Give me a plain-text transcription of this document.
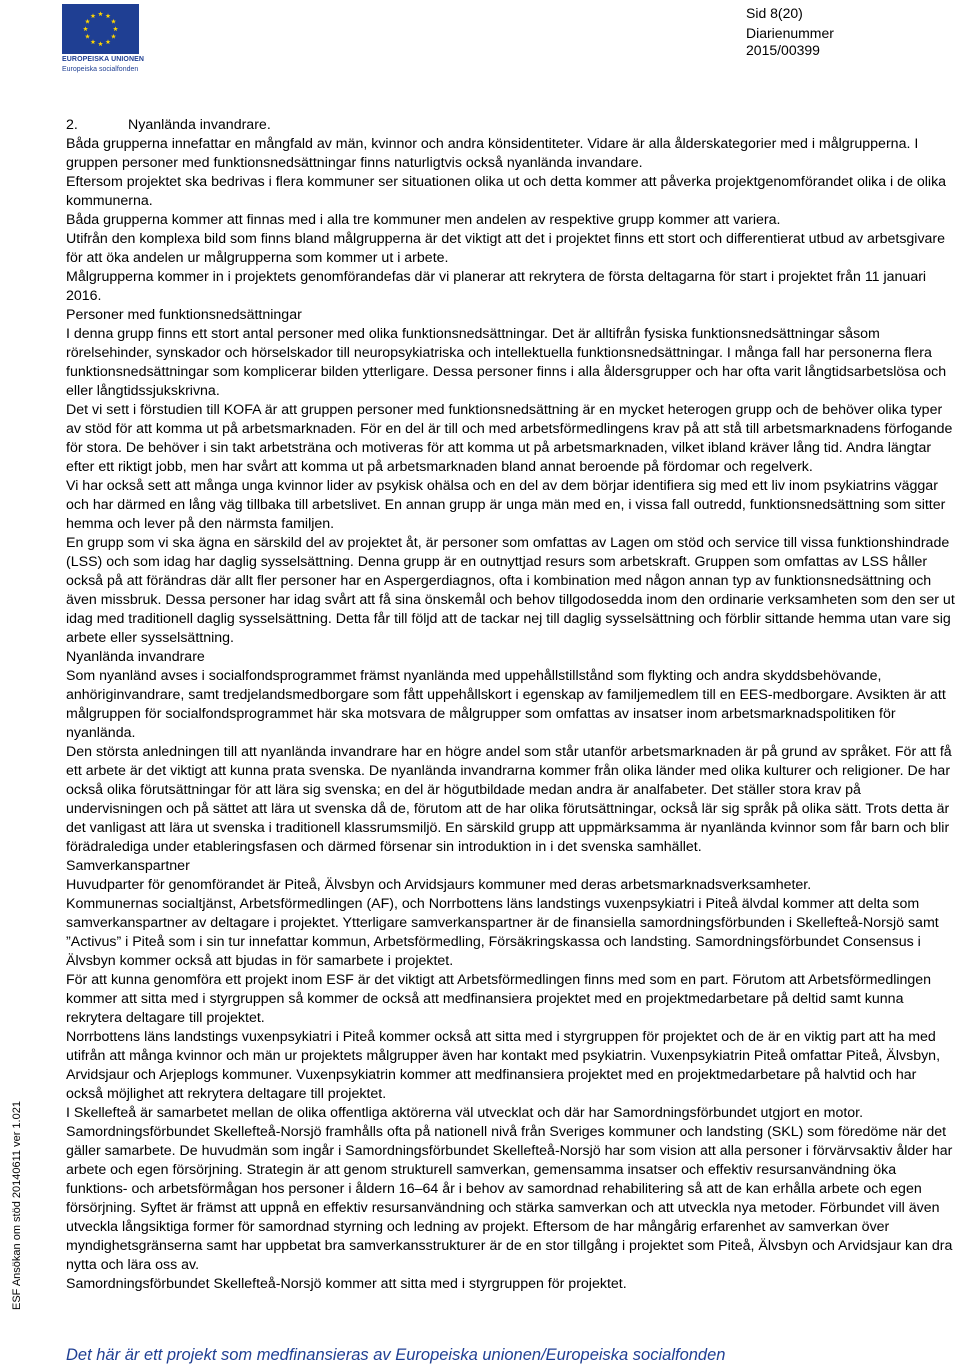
EUROPEISKA UNIONEN
Europeiska socialfonden
Sid 8(20)
Diarienummer
2015/00399
ESF Ansökan om stöd 20140611 ver 1.021

2.	Nyanlända invandrare.

Båda grupperna innefattar en mångfald av män, kvinnor och andra könsidentiteter. Vidare är alla ålderskategorier med i målgrupperna. I gruppen personer med funktionsnedsättningar finns naturligtvis också nyanlända invandare.

Eftersom projektet ska bedrivas i flera kommuner ser situationen olika ut och detta kommer att påverka projektgenomförandet olika i de olika kommunerna.

Båda grupperna kommer att finnas med i alla tre kommuner men andelen av respektive grupp kommer att variera.

Utifrån den komplexa bild som finns bland målgrupperna är det viktigt att det i projektet finns ett stort och differentierat utbud av arbetsgivare för att öka andelen ur målgrupperna som kommer ut i arbete.

Målgrupperna kommer in i projektets genomförandefas där vi planerar att rekrytera de första deltagarna för start i projektet från 11 januari 2016.

Personer med funktionsnedsättningar

I denna grupp finns ett stort antal personer med olika funktionsnedsättningar. Det är alltifrån fysiska funktionsnedsättningar såsom rörelsehinder, synskador och hörselskador till neuropsykiatriska och intellektuella funktionsnedsättningar. I många fall har personerna flera funktionsnedsättningar som komplicerar bilden ytterligare. Dessa personer finns i alla åldersgrupper och har ofta varit långtidsarbetslösa och eller långtidssjukskrivna.

Det vi sett i förstudien till KOFA är att gruppen personer med funktionsnedsättning är en mycket heterogen grupp och de behöver olika typer av stöd för att komma ut på arbetsmarknaden. För en del är till och med arbetsförmedlingens krav på att stå till arbetsmarknadens förfogande för stora. De behöver i sin takt arbetsträna och motiveras för att komma ut på arbetsmarknaden, vilket ibland kräver lång tid. Andra längtar efter ett riktigt jobb, men har svårt att komma ut på arbetsmarknaden bland annat beroende på fördomar och regelverk.

Vi har också sett att många unga kvinnor lider av psykisk ohälsa och en del av dem börjar identifiera sig med ett liv inom psykiatrins väggar och har därmed en lång väg tillbaka till arbetslivet. En annan grupp är unga män med en, i vissa fall outredd, funktionsnedsättning som sitter hemma och lever på den närmsta familjen.

En grupp som vi ska ägna en särskild del av projektet åt, är personer som omfattas av Lagen om stöd och service till vissa funktionshindrade (LSS) och som idag har daglig sysselsättning. Denna grupp är en outnyttjad resurs som arbetskraft. Gruppen som omfattas av LSS håller också på att förändras där allt fler personer har en Aspergerdiagnos, ofta i kombination med någon annan typ av funktionsnedsättning och även missbruk. Dessa personer har idag svårt att få sina önskemål och behov tillgodosedda inom den ordinarie verksamheten som den ser ut idag med traditionell daglig sysselsättning. Detta får till följd att de tackar nej till daglig sysselsättning och förblir sittande hemma utan vare sig arbete eller sysselsättning.

Nyanlända invandrare

Som nyanländ avses i socialfondsprogrammet främst nyanlända med uppehållstillstånd som flykting och andra skyddsbehövande, anhöriginvandrare, samt tredjelandsmedborgare som fått uppehållskort i egenskap av familjemedlem till en EES-medborgare. Avsikten är att målgruppen för socialfondsprogrammet här ska motsvara de målgrupper som omfattas av insatser inom arbetsmarknadspolitiken för nyanlända.

Den största anledningen till att nyanlända invandrare har en högre andel som står utanför arbetsmarknaden är på grund av språket. För att få ett arbete är det viktigt att kunna prata svenska. De nyanlända invandrarna kommer från olika länder med olika kulturer och religioner. De har också olika förutsättningar för att lära sig svenska; en del är högutbildade medan andra är analfabeter. Det ställer stora krav på undervisningen och på sättet att lära ut svenska då de, förutom att de har olika förutsättningar, också lär sig språk på olika sätt. Trots detta är det vanligast att lära ut svenska i traditionell klassrumsmiljö. En särskild grupp att uppmärksamma är nyanlända kvinnor som får barn och blir förädralediga under etableringsfasen och därmed försenar sin introduktion in i det svenska samhället.

Samverkanspartner

Huvudparter för genomförandet är Piteå, Älvsbyn och Arvidsjaurs kommuner med deras arbetsmarknadsverksamheter.

Kommunernas socialtjänst, Arbetsförmedlingen (AF), och Norrbottens läns landstings vuxenpsykiatri i Piteå älvdal kommer att delta som samverkanspartner av deltagare i projektet. Ytterligare samverkanspartner är de finansiella samordningsförbunden i Skellefteå-Norsjö samt ”Activus” i Piteå som i sin tur innefattar kommun, Arbetsförmedling, Försäkringskassa och landsting. Samordningsförbundet Consensus i Älvsbyn kommer också att bjudas in för samarbete i projektet.

För att kunna genomföra ett projekt inom ESF är det viktigt att Arbetsförmedlingen finns med som en part. Förutom att Arbetsförmedlingen kommer att sitta med i styrgruppen så kommer de också att medfinansiera projektet med en projektmedarbetare på deltid samt kunna rekrytera deltagare till projektet.

Norrbottens läns landstings vuxenpsykiatri i Piteå kommer också att sitta med i styrgruppen för projektet och de är en viktig part att ha med utifrån att många kvinnor och män ur projektets målgrupper även har kontakt med psykiatrin. Vuxenpsykiatrin Piteå omfattar Piteå, Älvsbyn, Arvidsjaur och Arjeplogs kommuner. Vuxenpsykiatrin kommer att medfinansiera projektet med en projektmedarbetare på halvtid och har också möjlighet att rekrytera deltagare till projektet.

I Skellefteå är samarbetet mellan de olika offentliga aktörerna väl utvecklat och där har Samordningsförbundet utgjort en motor. Samordningsförbundet Skellefteå-Norsjö framhålls ofta på nationell nivå från Sveriges kommuner och landsting (SKL) som föredöme när det gäller samarbete. De huvudmän som ingår i Samordningsförbundet Skellefteå-Norsjö har som vision att alla personer i förvärvsaktiv ålder har arbete och egen försörjning. Strategin är att genom strukturell samverkan, gemensamma insatser och effektiv resursanvändning öka funktions- och arbetsförmågan hos personer i åldern 16–64 år i behov av samordnad rehabilitering så att de kan erhålla arbete och egen försörjning. Syftet är främst att uppnå en effektiv resursanvändning och stärka samverkan och att utveckla nya metoder. Förbundet vill även utveckla långsiktiga former för samordnad styrning och ledning av projekt. Eftersom de har mångårig erfarenhet av samverkan över myndighetsgränserna samt har uppbetat bra samverkansstrukturer är de en stor tillgång i projektet som Piteå, Älvsbyn och Arvidsjaur kan dra nytta och lära oss av.

Samordningsförbundet Skellefteå-Norsjö kommer att sitta med i styrgruppen för projektet.

Det här är ett projekt som medfinansieras av Europeiska unionen/Europeiska socialfonden
